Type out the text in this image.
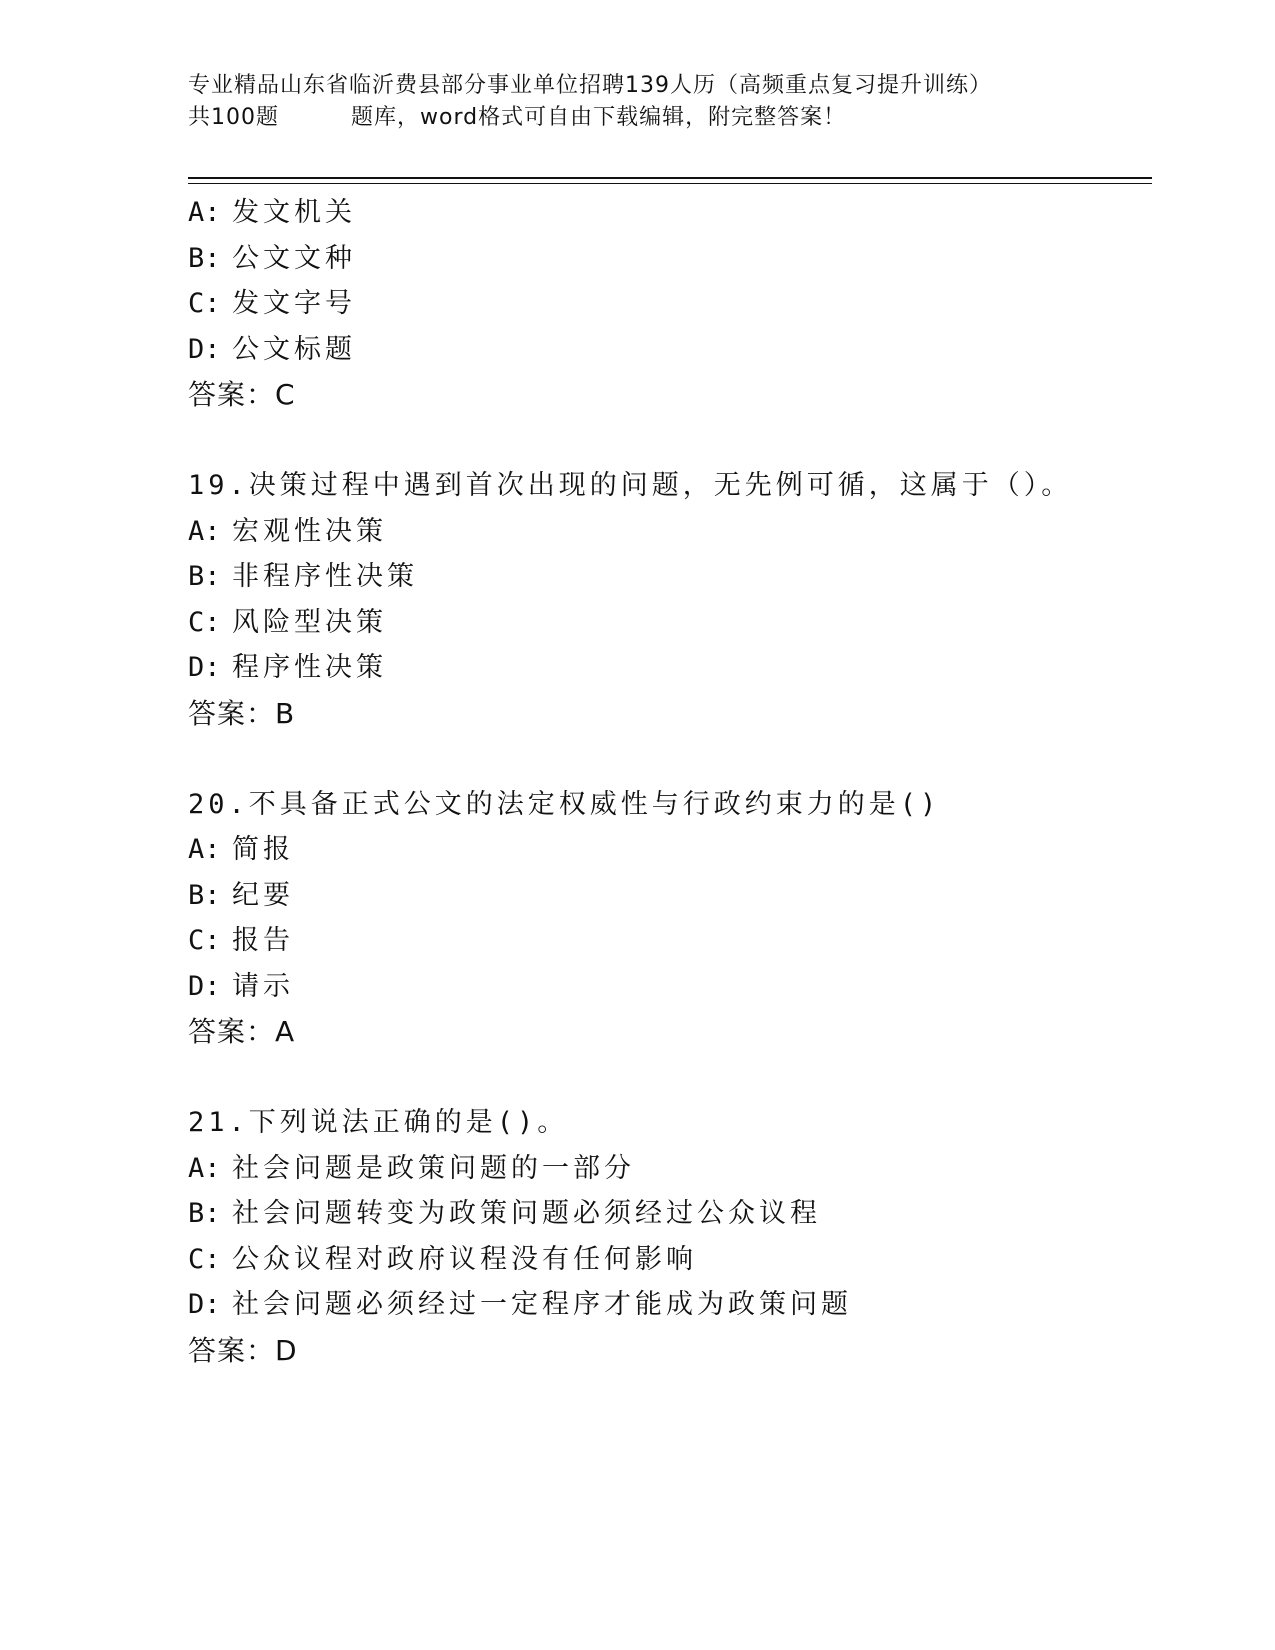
专业精品山东省临沂费县部分事业单位招聘139人历（高频重点复习提升训练）
共100题	题库，word格式可自由下载编辑，附完整答案！
A: 发文机关
B: 公文文种
C: 发文字号
D: 公文标题
答案：C
19.决策过程中遇到首次出现的问题，无先例可循，这属于（）。
A: 宏观性决策
B: 非程序性决策
C: 风险型决策
D: 程序性决策
答案：B
20.不具备正式公文的法定权威性与行政约束力的是()
A: 简报
B: 纪要
C: 报告
D: 请示
答案：A
21.下列说法正确的是()。
A: 社会问题是政策问题的一部分
B: 社会问题转变为政策问题必须经过公众议程
C: 公众议程对政府议程没有任何影响
D: 社会问题必须经过一定程序才能成为政策问题
答案：D
